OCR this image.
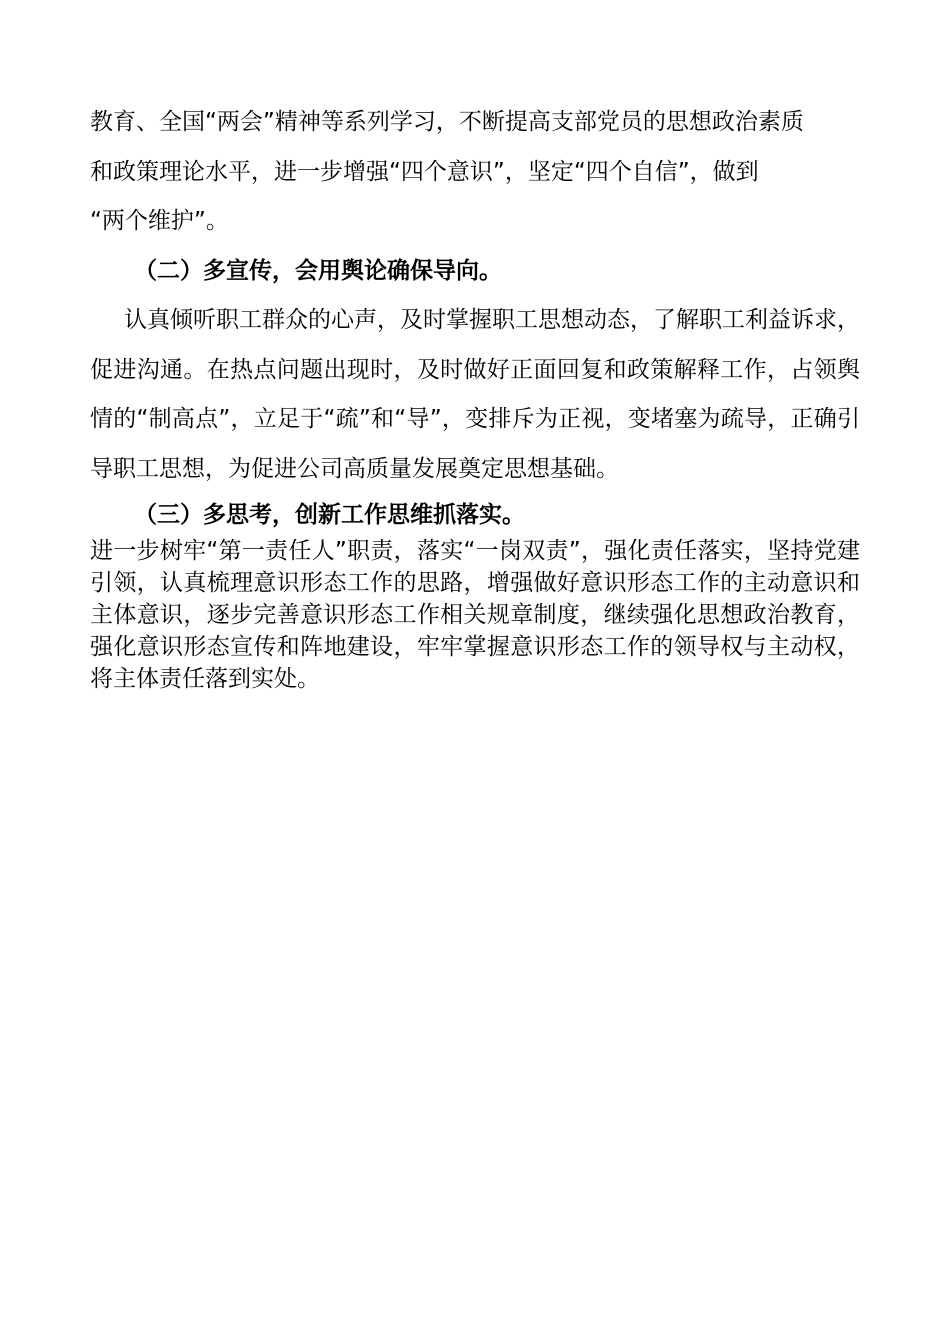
教育、全国“两会”精神等系列学习，不断提高支部党员的思想政治素质
和政策理论水平，进一步增强“四个意识”，坚定“四个自信”，做到
“两个维护”。

（二）多宣传，会用舆论确保导向。

认真倾听职工群众的心声，及时掌握职工思想动态，了解职工利益诉求，促进沟通。在热点问题出现时，及时做好正面回复和政策解释工作，占领舆情的“制高点”，立足于“疏”和“导”，变排斥为正视，变堵塞为疏导，正确引导职工思想，为促进公司高质量发展奠定思想基础。

（三）多思考，创新工作思维抓落实。

进一步树牢“第一责任人”职责，落实“一岗双责”，强化责任落实，坚持党建引领，认真梳理意识形态工作的思路，增强做好意识形态工作的主动意识和主体意识，逐步完善意识形态工作相关规章制度，继续强化思想政治教育，强化意识形态宣传和阵地建设，牢牢掌握意识形态工作的领导权与主动权，将主体责任落到实处。
